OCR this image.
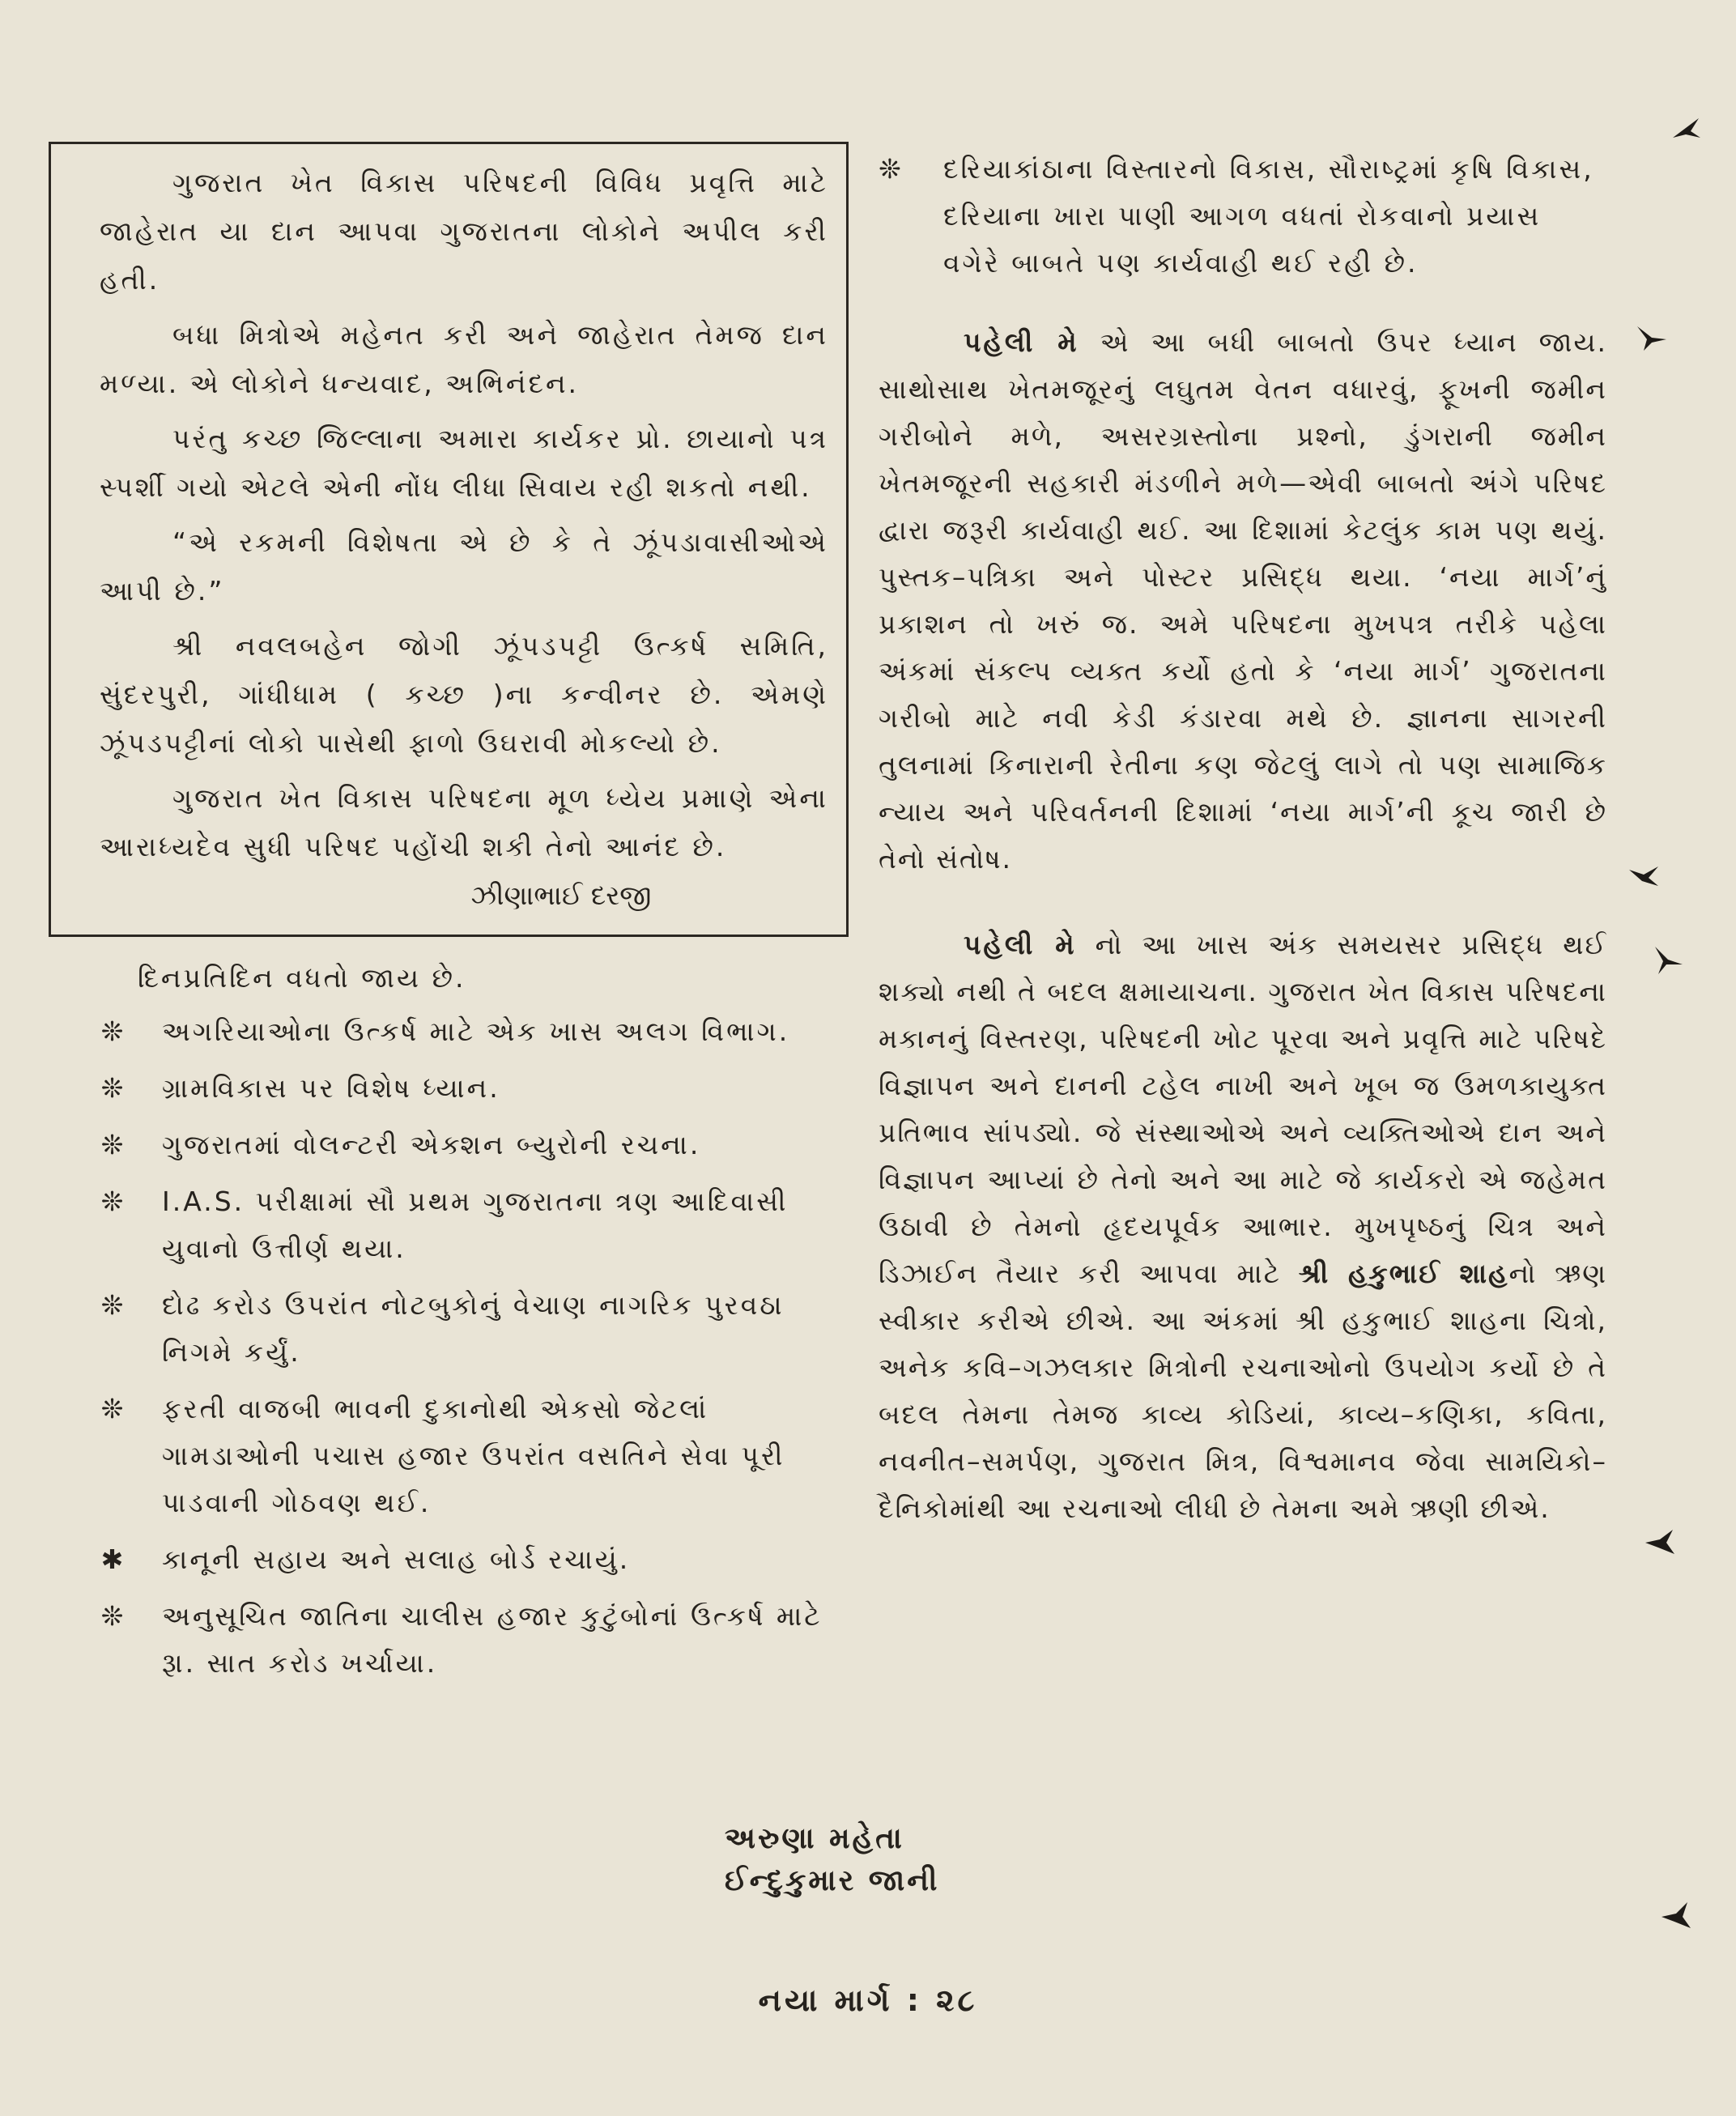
ગુજરાત ખેત વિકાસ પરિષદની વિવિધ પ્રવૃત્તિ માટે જાહેરાત યા દાન આપવા ગુજરાતના લોકોને અપીલ કરી હતી.

બધા મિત્રોએ મહેનત કરી અને જાહેરાત તેમજ દાન મળ્યા. એ લોકોને ધન્યવાદ, અભિનંદન.

પરંતુ કચ્છ જિલ્લાના અમારા કાર્યકર પ્રો. છાયાનો પત્ર સ્પર્શી ગયો એટલે એની નોંધ લીધા સિવાય રહી શકતો નથી.

“એ રકમની વિશેષતા એ છે કે તે ઝૂંપડાવાસીઓએ આપી છે.”

શ્રી નવલબહેન જોગી ઝૂંપડપટ્ટી ઉત્કર્ષ સમિતિ, સુંદરપુરી, ગાંધીધામ ( કચ્છ )ના કન્વીનર છે. એમણે ઝૂંપડપટ્ટીનાં લોકો પાસેથી ફાળો ઉઘરાવી મોકલ્યો છે.

ગુજરાત ખેત વિકાસ પરિષદના મૂળ ધ્યેય પ્રમાણે એના આરાધ્યદેવ સુધી પરિષદ પહોંચી શકી તેનો આનંદ છે.

ઝીણાભાઈ દરજી
દિનપ્રતિદિન વધતો જાય છે.
❊	અગરિયાઓના ઉત્કર્ષ માટે એક ખાસ અલગ વિભાગ.
❊	ગ્રામવિકાસ પર વિશેષ ધ્યાન.
❊	ગુજરાતમાં વોલન્ટરી એક્શન બ્યુરોની રચના.
❊	I.A.S. પરીક્ષામાં સૌ પ્રથમ ગુજરાતના ત્રણ આદિવાસી યુવાનો ઉત્તીર્ણ થયા.
❊	દોઢ કરોડ ઉપરાંત નોટબુકોનું વેચાણ નાગરિક પુરવઠા નિગમે કર્યું.
❊	ફરતી વાજબી ભાવની દુકાનોથી એકસો જેટલાં ગામડાઓની પચાસ હજાર ઉપરાંત વસતિને સેવા પૂરી પાડવાની ગોઠવણ થઈ.
✱	કાનૂની સહાય અને સલાહ બોર્ડ રચાયું.
❊	અનુસૂચિત જાતિના ચાલીસ હજાર કુટુંબોનાં ઉત્કર્ષ માટે રૂા. સાત કરોડ ખર્ચાયા.
❊ દરિયાકાંઠાના વિસ્તારનો વિકાસ, સૌરાષ્ટ્રમાં કૃષિ વિકાસ, દરિયાના ખારા પાણી આગળ વધતાં રોકવાનો પ્રયાસ વગેરે બાબતે પણ કાર્યવાહી થઈ રહી છે.
પહેલી મે એ આ બધી બાબતો ઉપર ધ્યાન જાય. સાથોસાથ ખેતમજૂરનું લઘુતમ વેતન વધારવું, ફૂખની જમીન ગરીબોને મળે, અસરગ્રસ્તોના પ્રશ્નો, ડુંગરાની જમીન ખેતમજૂરની સહકારી મંડળીને મળે—એવી બાબતો અંગે પરિષદ દ્વારા જરૂરી કાર્યવાહી થઈ. આ દિશામાં કેટલુંક કામ પણ થયું. પુસ્તક–પત્રિકા અને પોસ્ટર પ્રસિદ્ધ થયા. ‘નયા માર્ગ’નું પ્રકાશન તો ખરું જ. અમે પરિષદના મુખપત્ર તરીકે પહેલા અંકમાં સંકલ્પ વ્યક્ત કર્યો હતો કે ‘નયા માર્ગ’ ગુજરાતના ગરીબો માટે નવી કેડી કંડારવા મથે છે. જ્ઞાનના સાગરની તુલનામાં કિનારાની રેતીના કણ જેટલું લાગે તો પણ સામાજિક ન્યાય અને પરિવર્તનની દિશામાં ‘નયા માર્ગ’ની કૂચ જારી છે તેનો સંતોષ.
પહેલી મે નો આ ખાસ અંક સમયસર પ્રસિદ્ધ થઈ શક્યો નથી તે બદલ ક્ષમાયાચના. ગુજરાત ખેત વિકાસ પરિષદના મકાનનું વિસ્તરણ, પરિષદની ખોટ પૂરવા અને પ્રવૃત્તિ માટે પરિષદે વિજ્ઞાપન અને દાનની ટહેલ નાખી અને ખૂબ જ ઉમળકાયુક્ત પ્રતિભાવ સાંપડ્યો. જે સંસ્થાઓએ અને વ્યક્તિઓએ દાન અને વિજ્ઞાપન આપ્યાં છે તેનો અને આ માટે જે કાર્યકરો એ જહેમત ઉઠાવી છે તેમનો હૃદયપૂર્વક આભાર. મુખપૃષ્ઠનું ચિત્ર અને ડિઝાઈન તૈયાર કરી આપવા માટે શ્રી હકુભાઈ શાહનો ઋણ સ્વીકાર કરીએ છીએ. આ અંકમાં શ્રી હકુભાઈ શાહના ચિત્રો, અનેક કવિ–ગઝલકાર મિત્રોની રચનાઓનો ઉપયોગ કર્યો છે તે બદલ તેમના તેમજ કાવ્ય કોડિયાં, કાવ્ય–કણિકા, કવિતા, નવનીત–સમર્પણ, ગુજરાત મિત્ર, વિશ્વમાનવ જેવા સામયિકો–દૈનિકોમાંથી આ રચનાઓ લીધી છે તેમના અમે ઋણી છીએ.
અરુણા મહેતા
ઈન્દુકુમાર જાની
નયા માર્ગ : ૨૮
